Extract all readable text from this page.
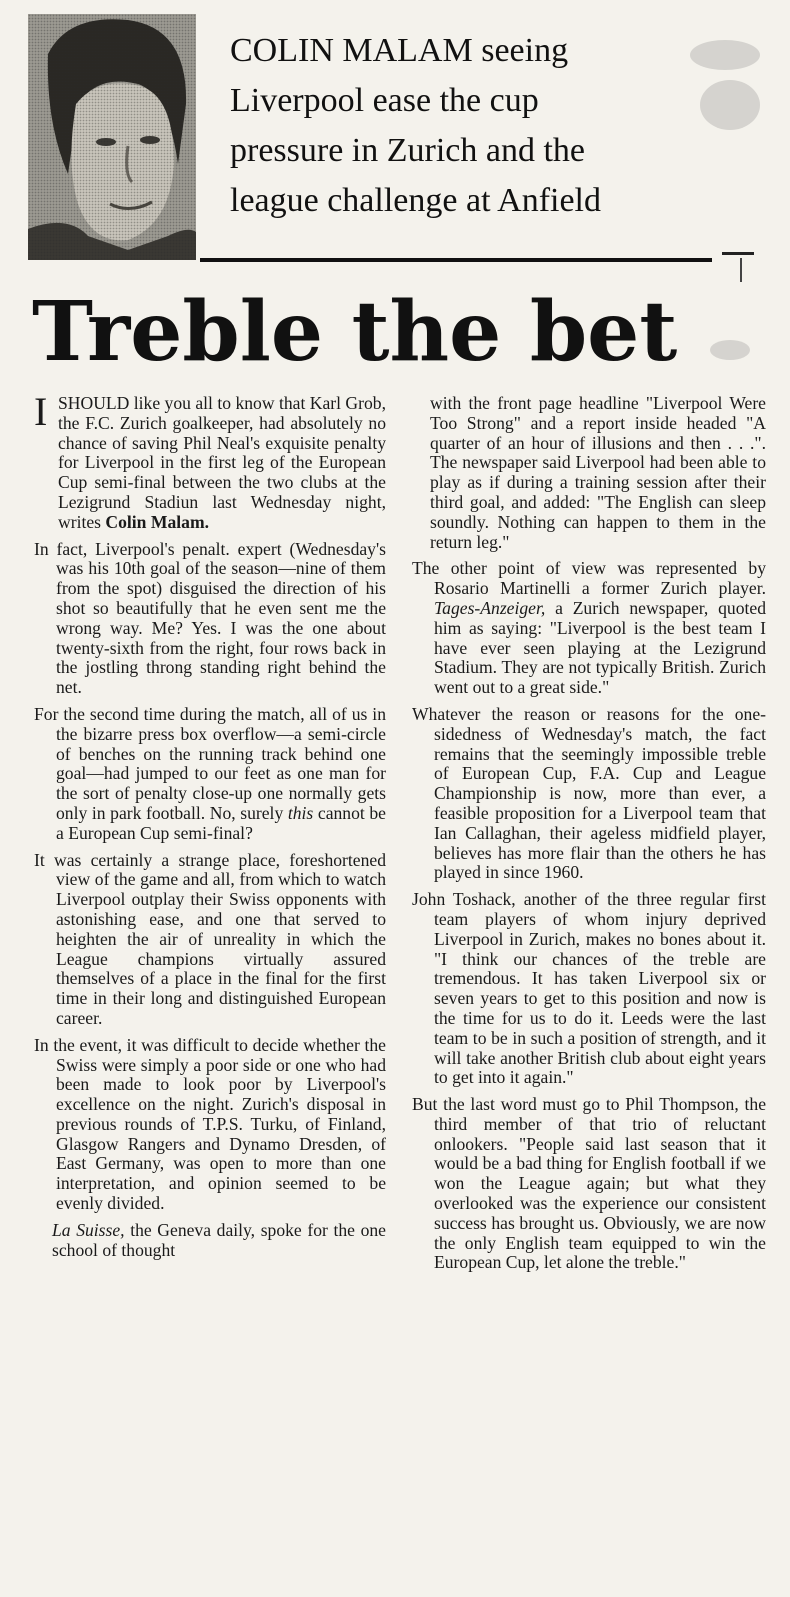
COLIN MALAM seeing
Liverpool ease the cup
pressure in Zurich and the
league challenge at Anfield
Treble the bet

I SHOULD like you all to know that Karl Grob, the F.C. Zurich goalkeeper, had absolutely no chance of saving Phil Neal's exquisite penalty for Liverpool in the first leg of the European Cup semi-final between the two clubs at the Lezigrund Stadiun last Wednesday night, writes Colin Malam.

In fact, Liverpool's penalt. expert (Wednesday's was his 10th goal of the season—nine of them from the spot) disguised the direction of his shot so beautifully that he even sent me the wrong way. Me? Yes. I was the one about twenty-sixth from the right, four rows back in the jostling throng standing right behind the net.

For the second time during the match, all of us in the bizarre press box overflow—a semi-circle of benches on the running track behind one goal—had jumped to our feet as one man for the sort of penalty close-up one normally gets only in park football. No, surely this cannot be a European Cup semi-final?

It was certainly a strange place, foreshortened view of the game and all, from which to watch Liverpool outplay their Swiss opponents with astonishing ease, and one that served to heighten the air of unreality in which the League champions virtually assured themselves of a place in the final for the first time in their long and distinguished European career.

In the event, it was difficult to decide whether the Swiss were simply a poor side or one who had been made to look poor by Liverpool's excellence on the night. Zurich's disposal in previous rounds of T.P.S. Turku, of Finland, Glasgow Rangers and Dynamo Dresden, of East Germany, was open to more than one interpretation, and opinion seemed to be evenly divided.

La Suisse, the Geneva daily, spoke for the one school of thought

with the front page headline "Liverpool Were Too Strong" and a report inside headed "A quarter of an hour of illusions and then . . .". The newspaper said Liverpool had been able to play as if during a training session after their third goal, and added: "The English can sleep soundly. Nothing can happen to them in the return leg."

The other point of view was represented by Rosario Martinelli a former Zurich player. Tages-Anzeiger, a Zurich newspaper, quoted him as saying: "Liverpool is the best team I have ever seen playing at the Lezigrund Stadium. They are not typically British. Zurich went out to a great side."

Whatever the reason or reasons for the one-sidedness of Wednesday's match, the fact remains that the seemingly impossible treble of European Cup, F.A. Cup and League Championship is now, more than ever, a feasible proposition for a Liverpool team that Ian Callaghan, their ageless midfield player, believes has more flair than the others he has played in since 1960.

John Toshack, another of the three regular first team players of whom injury deprived Liverpool in Zurich, makes no bones about it. "I think our chances of the treble are tremendous. It has taken Liverpool six or seven years to get to this position and now is the time for us to do it. Leeds were the last team to be in such a position of strength, and it will take another British club about eight years to get into it again."

But the last word must go to Phil Thompson, the third member of that trio of reluctant onlookers. "People said last season that it would be a bad thing for English football if we won the League again; but what they overlooked was the experience our consistent success has brought us. Obviously, we are now the only English team equipped to win the European Cup, let alone the treble."
